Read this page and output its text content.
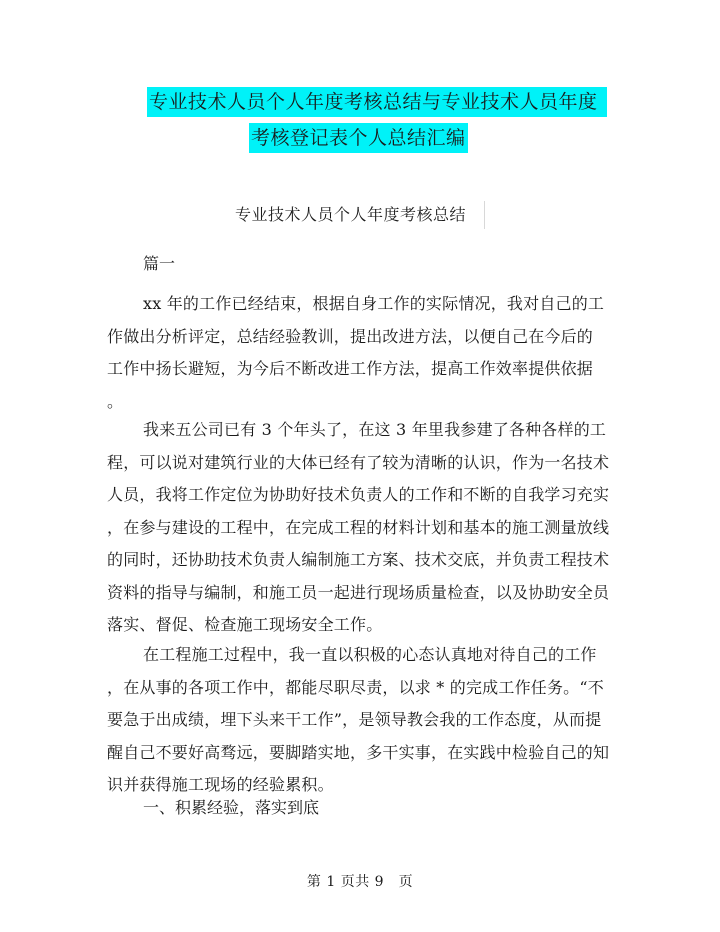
专业技术人员个人年度考核总结与专业技术人员年度
考核登记表个人总结汇编
专业技术人员个人年度考核总结
篇一
xx 年的工作已经结束，根据自身工作的实际情况，我对自己的工
作做出分析评定，总结经验教训，提出改进方法，以便自己在今后的
工作中扬长避短，为今后不断改进工作方法，提高工作效率提供依据
。
我来五公司已有 3 个年头了，在这 3 年里我参建了各种各样的工
程，可以说对建筑行业的大体已经有了较为清晰的认识，作为一名技术
人员，我将工作定位为协助好技术负责人的工作和不断的自我学习充实
，在参与建设的工程中，在完成工程的材料计划和基本的施工测量放线
的同时，还协助技术负责人编制施工方案、技术交底，并负责工程技术
资料的指导与编制，和施工员一起进行现场质量检查，以及协助安全员
落实、督促、检查施工现场安全工作。
在工程施工过程中，我一直以积极的心态认真地对待自己的工作
，在从事的各项工作中，都能尽职尽责，以求 * 的完成工作任务。“不
要急于出成绩，埋下头来干工作”，是领导教会我的工作态度，从而提
醒自己不要好高骛远，要脚踏实地，多干实事，在实践中检验自己的知
识并获得施工现场的经验累积。
一、积累经验，落实到底
第 1 页共 9　页
